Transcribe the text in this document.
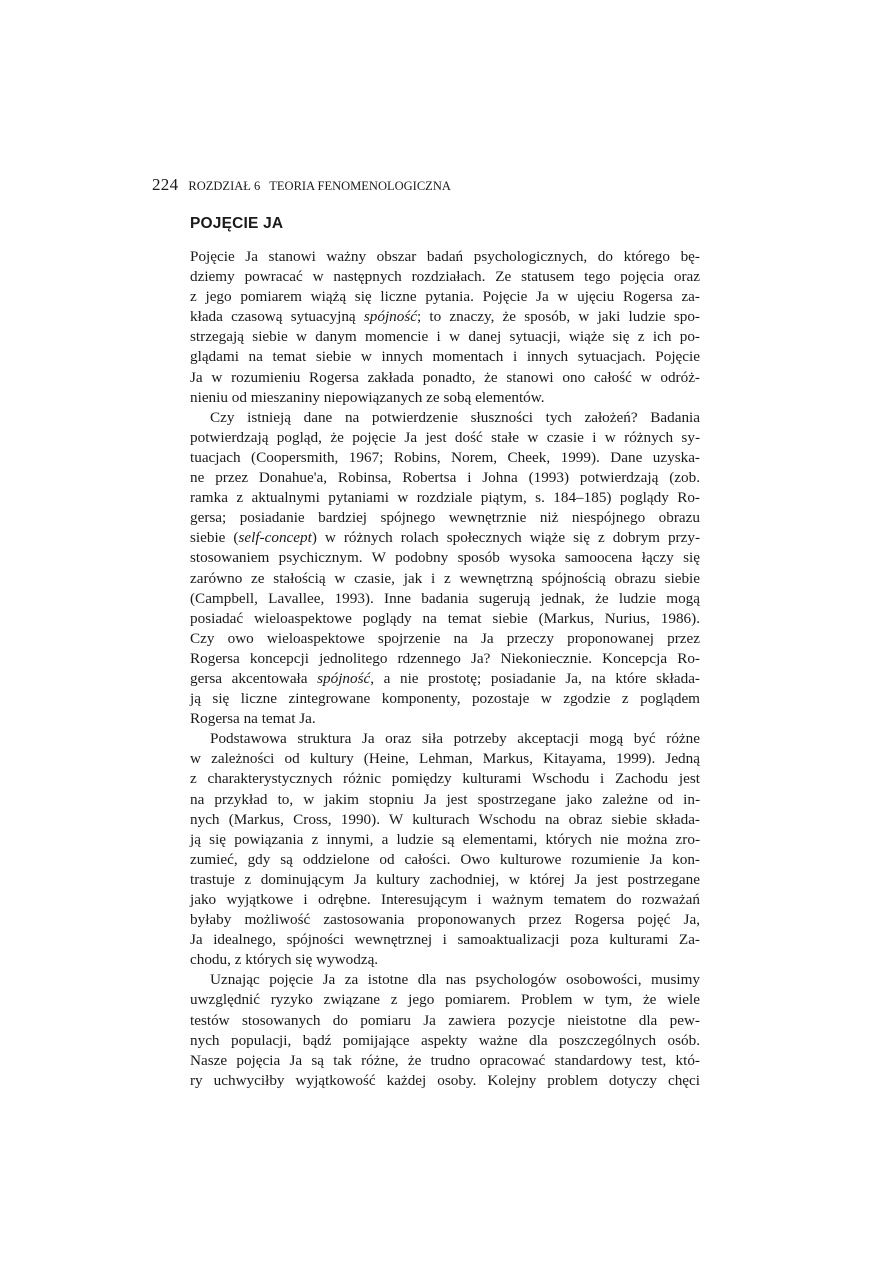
224 ROZDZIAŁ 6 TEORIA FENOMENOLOGICZNA
POJĘCIE JA
Pojęcie Ja stanowi ważny obszar badań psychologicznych, do którego bę-
dziemy powracać w następnych rozdziałach. Ze statusem tego pojęcia oraz
z jego pomiarem wiążą się liczne pytania. Pojęcie Ja w ujęciu Rogersa za-
kłada czasową sytuacyjną spójność; to znaczy, że sposób, w jaki ludzie spo-
strzegają siebie w danym momencie i w danej sytuacji, wiąże się z ich po-
glądami na temat siebie w innych momentach i innych sytuacjach. Pojęcie
Ja w rozumieniu Rogersa zakłada ponadto, że stanowi ono całość w odróż-
nieniu od mieszaniny niepowiązanych ze sobą elementów.
Czy istnieją dane na potwierdzenie słuszności tych założeń? Badania
potwierdzają pogląd, że pojęcie Ja jest dość stałe w czasie i w różnych sy-
tuacjach (Coopersmith, 1967; Robins, Norem, Cheek, 1999). Dane uzyska-
ne przez Donahue'a, Robinsa, Robertsa i Johna (1993) potwierdzają (zob.
ramka z aktualnymi pytaniami w rozdziale piątym, s. 184–185) poglądy Ro-
gersa; posiadanie bardziej spójnego wewnętrznie niż niespójnego obrazu
siebie (self-concept) w różnych rolach społecznych wiąże się z dobrym przy-
stosowaniem psychicznym. W podobny sposób wysoka samoocena łączy się
zarówno ze stałością w czasie, jak i z wewnętrzną spójnością obrazu siebie
(Campbell, Lavallee, 1993). Inne badania sugerują jednak, że ludzie mogą
posiadać wieloaspektowe poglądy na temat siebie (Markus, Nurius, 1986).
Czy owo wieloaspektowe spojrzenie na Ja przeczy proponowanej przez
Rogersa koncepcji jednolitego rdzennego Ja? Niekoniecznie. Koncepcja Ro-
gersa akcentowała spójność, a nie prostotę; posiadanie Ja, na które składa-
ją się liczne zintegrowane komponenty, pozostaje w zgodzie z poglądem
Rogersa na temat Ja.
Podstawowa struktura Ja oraz siła potrzeby akceptacji mogą być różne
w zależności od kultury (Heine, Lehman, Markus, Kitayama, 1999). Jedną
z charakterystycznych różnic pomiędzy kulturami Wschodu i Zachodu jest
na przykład to, w jakim stopniu Ja jest spostrzegane jako zależne od in-
nych (Markus, Cross, 1990). W kulturach Wschodu na obraz siebie składa-
ją się powiązania z innymi, a ludzie są elementami, których nie można zro-
zumieć, gdy są oddzielone od całości. Owo kulturowe rozumienie Ja kon-
trastuje z dominującym Ja kultury zachodniej, w której Ja jest postrzegane
jako wyjątkowe i odrębne. Interesującym i ważnym tematem do rozważań
byłaby możliwość zastosowania proponowanych przez Rogersa pojęć Ja,
Ja idealnego, spójności wewnętrznej i samoaktualizacji poza kulturami Za-
chodu, z których się wywodzą.
Uznając pojęcie Ja za istotne dla nas psychologów osobowości, musimy
uwzględnić ryzyko związane z jego pomiarem. Problem w tym, że wiele
testów stosowanych do pomiaru Ja zawiera pozycje nieistotne dla pew-
nych populacji, bądź pomijające aspekty ważne dla poszczególnych osób.
Nasze pojęcia Ja są tak różne, że trudno opracować standardowy test, któ-
ry uchwyciłby wyjątkowość każdej osoby. Kolejny problem dotyczy chęci
